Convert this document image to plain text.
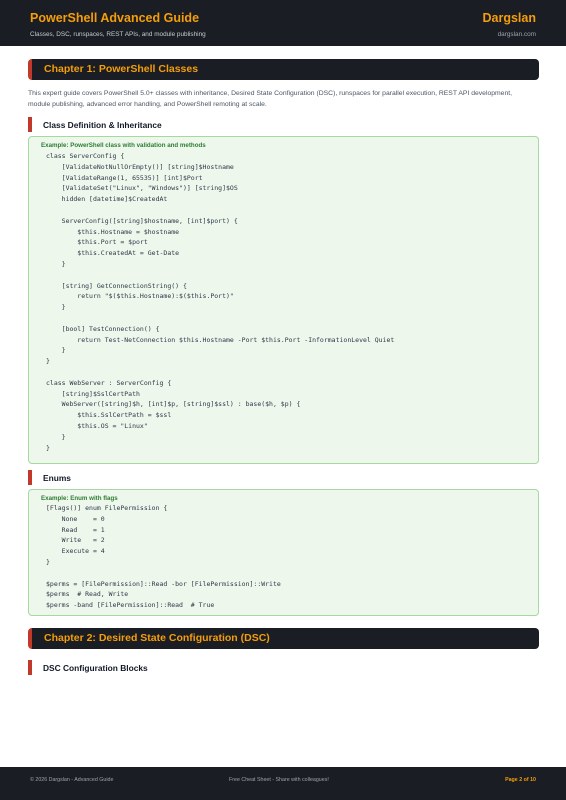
PowerShell Advanced Guide	Dargslan
Classes, DSC, runspaces, REST APIs, and module publishing	dargslan.com
Chapter 1: PowerShell Classes
This expert guide covers PowerShell 5.0+ classes with inheritance, Desired State Configuration (DSC), runspaces for parallel execution, REST API development, module publishing, advanced error handling, and PowerShell remoting at scale.
Class Definition & Inheritance
Example: PowerShell class with validation and methods
class ServerConfig {
[ValidateNotNullOrEmpty()] [string]$Hostname
[ValidateRange(1, 65535)] [int]$Port
[ValidateSet("Linux", "Windows")] [string]$OS
hidden [datetime]$CreatedAt

ServerConfig([string]$hostname, [int]$port) {
$this.Hostname = $hostname
$this.Port = $port
$this.CreatedAt = Get-Date
}

[string] GetConnectionString() {
return "$($this.Hostname):$($this.Port)"
}

[bool] TestConnection() {
return Test-NetConnection $this.Hostname -Port $this.Port -InformationLevel Quiet
}
}

class WebServer : ServerConfig {
[string]$SslCertPath
WebServer([string]$h, [int]$p, [string]$ssl) : base($h, $p) {
$this.SslCertPath = $ssl
$this.OS = "Linux"
}
}
Enums
Example: Enum with flags
[Flags()] enum FilePermission {
None    = 0
Read    = 1
Write   = 2
Execute = 4
}

$perms = [FilePermission]::Read -bor [FilePermission]::Write
$perms  # Read, Write
$perms -band [FilePermission]::Read  # True
Chapter 2: Desired State Configuration (DSC)
DSC Configuration Blocks
© 2026 Dargslan - Advanced Guide	Free Cheat Sheet - Share with colleagues!	Page 2 of 10
